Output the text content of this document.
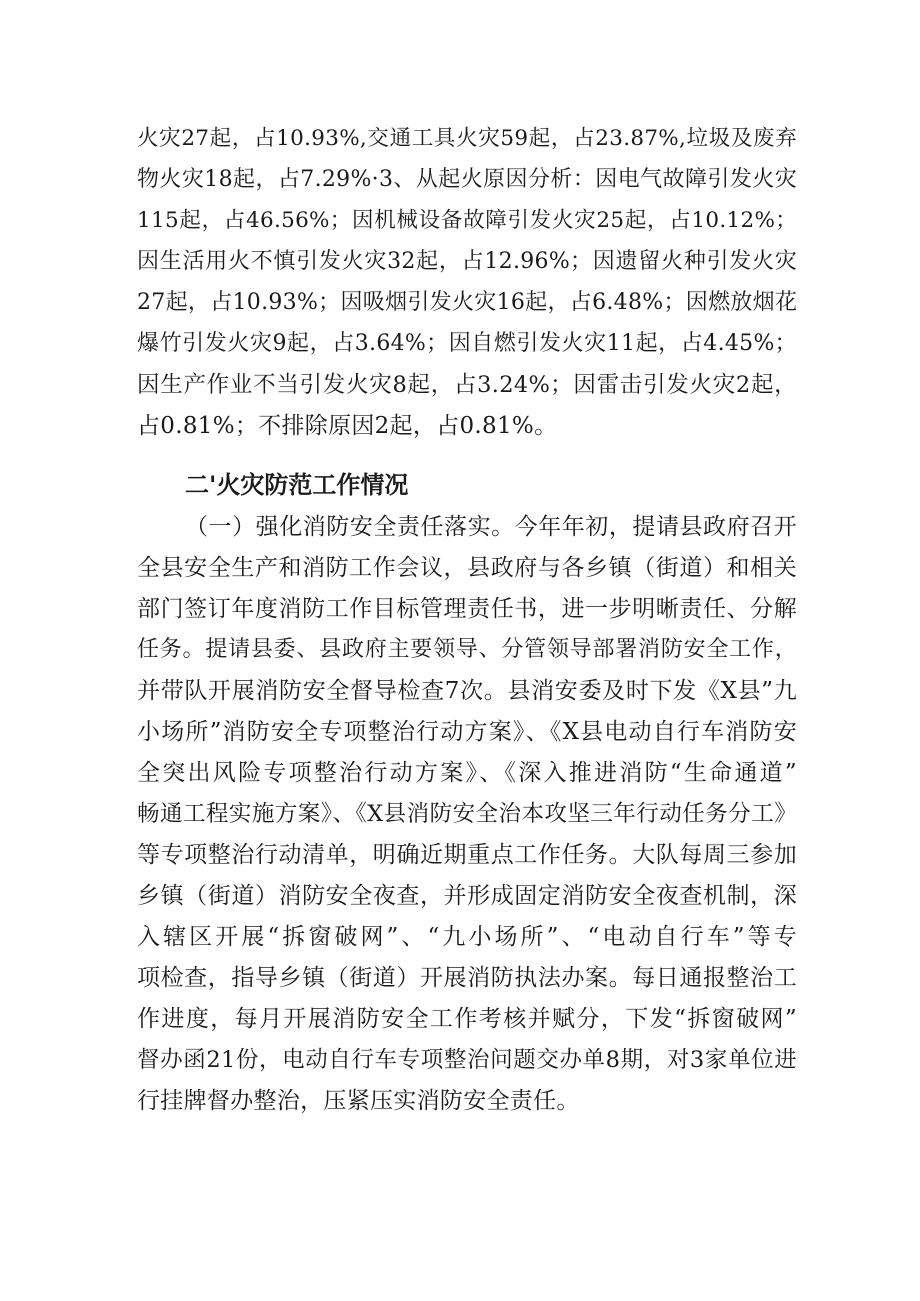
火灾27起，占10.93%,交通工具火灾59起，占23.87%,垃圾及废弃
物火灾18起，占7.29%·3、从起火原因分析：因电气故障引发火灾
115起，占46.56%；因机械设备故障引发火灾25起，占10.12%；
因生活用火不慎引发火灾32起，占12.96%；因遗留火种引发火灾
27起，占10.93%；因吸烟引发火灾16起，占6.48%；因燃放烟花
爆竹引发火灾9起，占3.64%；因自燃引发火灾11起，占4.45%；
因生产作业不当引发火灾8起，占3.24%；因雷击引发火灾2起，
占0.81%；不排除原因2起，占0.81%。
二'火灾防范工作情况
（一）强化消防安全责任落实。今年年初，提请县政府召开
全县安全生产和消防工作会议，县政府与各乡镇（街道）和相关
部门签订年度消防工作目标管理责任书，进一步明晰责任、分解
任务。提请县委、县政府主要领导、分管领导部署消防安全工作，
并带队开展消防安全督导检查7次。县消安委及时下发《X县”九
小场所”消防安全专项整治行动方案》、《X县电动自行车消防安
全突出风险专项整治行动方案》、《深入推进消防“生命通道”
畅通工程实施方案》、《X县消防安全治本攻坚三年行动任务分工》
等专项整治行动清单，明确近期重点工作任务。大队每周三参加
乡镇（街道）消防安全夜查，并形成固定消防安全夜查机制，深
入辖区开展“拆窗破网”、“九小场所”、“电动自行车”等专
项检查，指导乡镇（街道）开展消防执法办案。每日通报整治工
作进度，每月开展消防安全工作考核并赋分，下发“拆窗破网”
督办函21份，电动自行车专项整治问题交办单8期，对3家单位进
行挂牌督办整治，压紧压实消防安全责任。
